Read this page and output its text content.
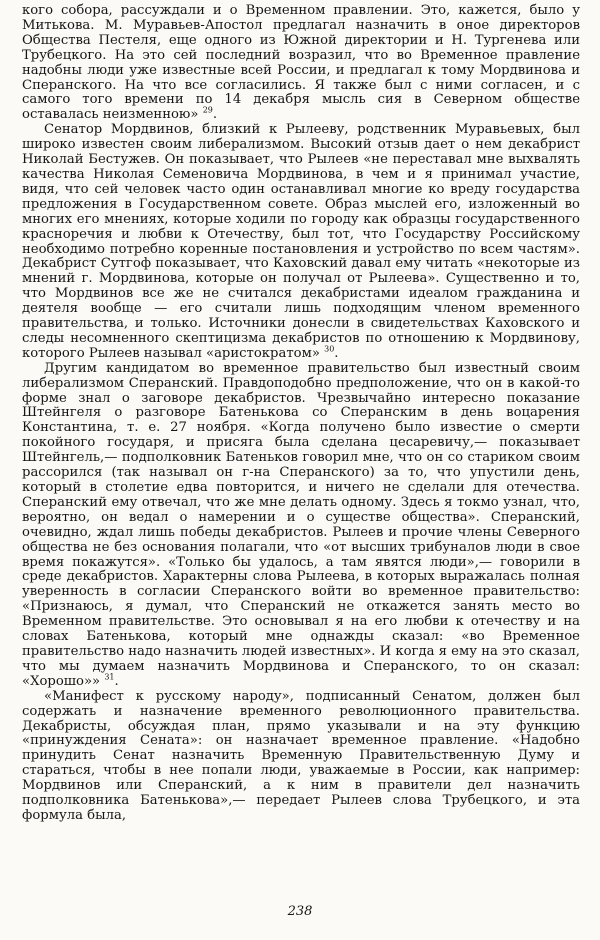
кого собора, рассуждали и о Временном правлении. Это, кажется, было у Митькова. М. Муравьев-Апостол предлагал назначить в оное директоров Общества Пестеля, еще одного из Южной директории и Н. Тургенева или Трубецкого. На это сей последний возразил, что во Временное правление надобны люди уже известные всей России, и предлагал к тому Мордвинова и Сперанского. На что все согласились. Я также был с ними согласен, и с самого того времени по 14 декабря мысль сия в Северном обществе оставалась неизменною» $^{29}$.

Сенатор Мордвинов, близкий к Рылееву, родственник Муравьевых, был широко известен своим либерализмом. Высокий отзыв дает о нем декабрист Николай Бестужев. Он показывает, что Рылеев «не переставал мне выхвалять качества Николая Семеновича Мордвинова, в чем и я принимал участие, видя, что сей человек часто один останавливал многие ко вреду государства предложения в Государственном совете. Образ мыслей его, изложенный во многих его мнениях, которые ходили по городу как образцы государственного красноречия и любви к Отечеству, был тот, что Государству Российскому необходимо потребно коренные постановления и устройство по всем частям». Декабрист Сутгоф показывает, что Каховский давал ему читать «некоторые из мнений г. Мордвинова, которые он получал от Рылеева». Существенно и то, что Мордвинов все же не считался декабристами идеалом гражданина и деятеля вообще — его считали лишь подходящим членом временного правительства, и только. Источники донесли в свидетельствах Каховского и следы несомненного скептицизма декабристов по отношению к Мордвинову, которого Рылеев называл «аристократом» $^{30}$.

Другим кандидатом во временное правительство был известный своим либерализмом Сперанский. Правдоподобно предположение, что он в какой-то форме знал о заговоре декабристов. Чрезвычайно интересно показание Штейнгеля о разговоре Батенькова со Сперанским в день воцарения Константина, т. е. 27 ноября. «Когда получено было известие о смерти покойного государя, и присяга была сделана цесаревичу,— показывает Штейнгель,— подполковник Батеньков говорил мне, что он со стариком своим рассорился (так называл он г-на Сперанского) за то, что упустили день, который в столетие едва повторится, и ничего не сделали для отечества. Сперанский ему отвечал, что же мне делать одному. Здесь я токмо узнал, что, вероятно, он ведал о намерении и о существе общества». Сперанский, очевидно, ждал лишь победы декабристов. Рылеев и прочие члены Северного общества не без основания полагали, что «от высших трибуналов люди в свое время покажутся». «Только бы удалось, а там явятся люди»,— говорили в среде декабристов. Характерны слова Рылеева, в которых выражалась полная уверенность в согласии Сперанского войти во временное правительство: «Признаюсь, я думал, что Сперанский не откажется занять место во Временном правительстве. Это основывал я на его любви к отечеству и на словах Батенькова, который мне однажды сказал: «во Временное правительство надо назначить людей известных». И когда я ему на это сказал, что мы думаем назначить Мордвинова и Сперанского, то он сказал: «Хорошо»» $^{31}$.

«Манифест к русскому народу», подписанный Сенатом, должен был содержать и назначение временного революционного правительства. Декабристы, обсуждая план, прямо указывали и на эту функцию «принуждения Сената»: он назначает временное правление. «Надобно принудить Сенат назначить Временную Правительственную Думу и стараться, чтобы в нее попали люди, уважаемые в России, как например: Мордвинов или Сперанский, а к ним в правители дел назначить подполковника Батенькова»,— передает Рылеев слова Трубецкого, и эта формула была,

238
